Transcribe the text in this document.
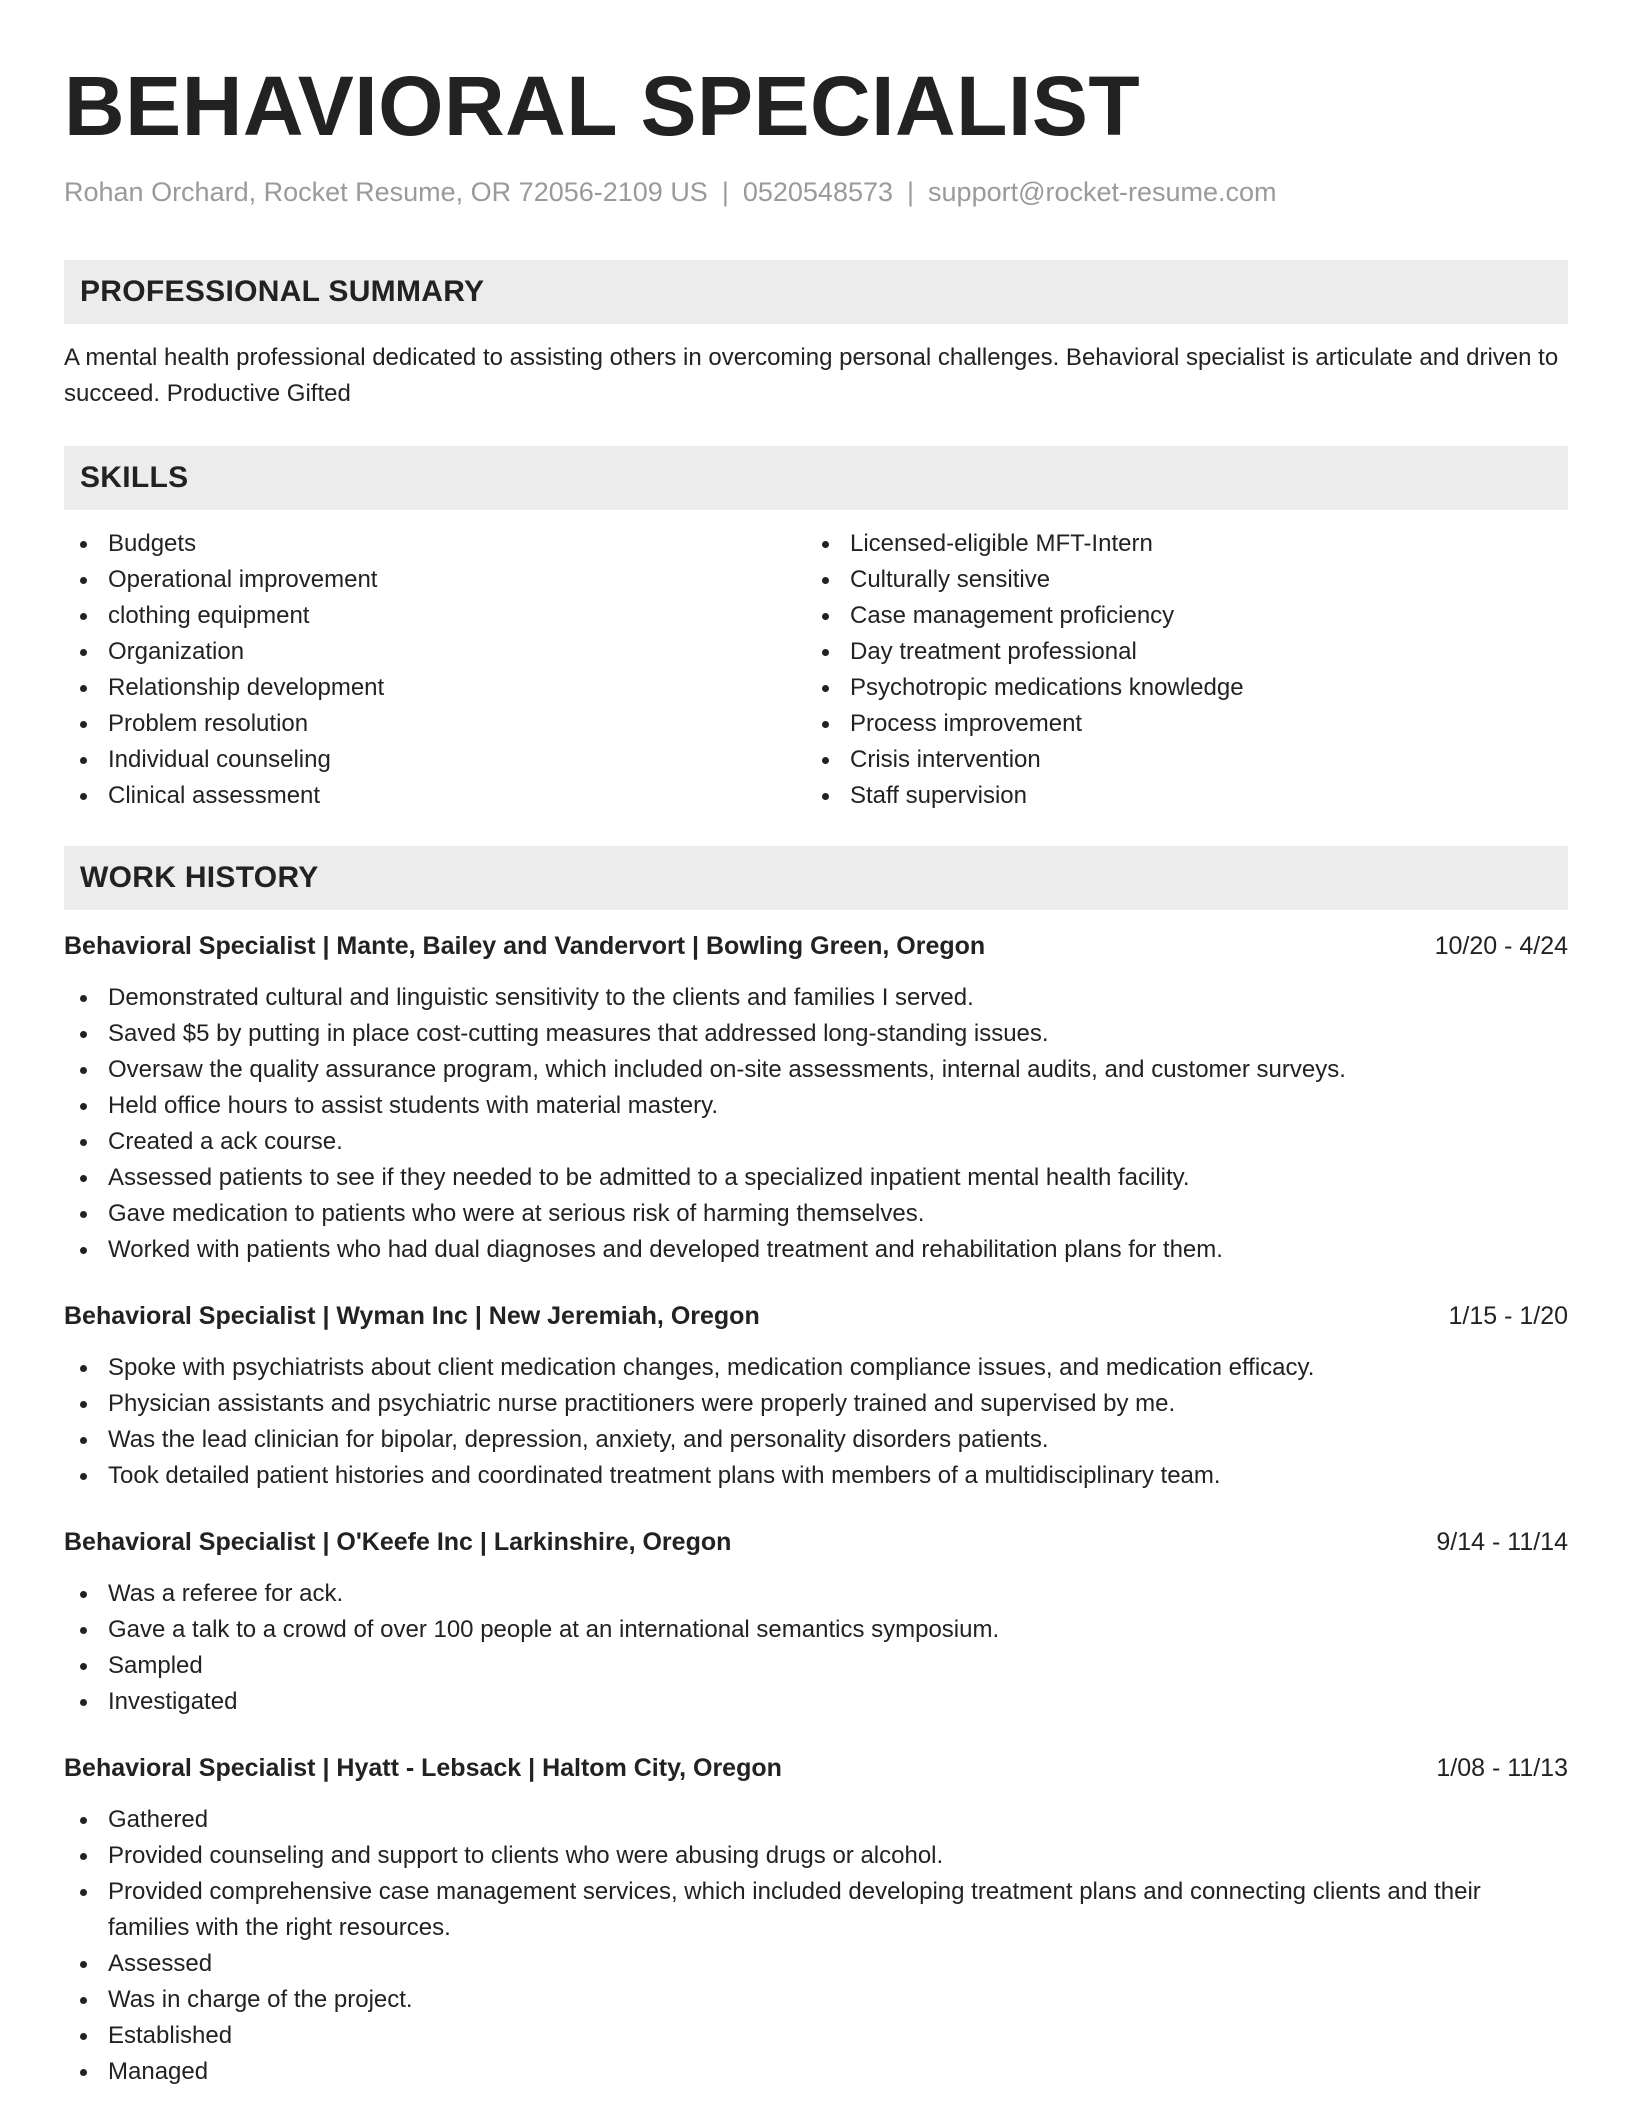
BEHAVIORAL SPECIALIST
Rohan Orchard, Rocket Resume, OR 72056-2109 US | 0520548573 | support@rocket-resume.com
PROFESSIONAL SUMMARY
A mental health professional dedicated to assisting others in overcoming personal challenges. Behavioral specialist is articulate and driven to succeed. Productive Gifted
SKILLS
Budgets
Operational improvement
clothing equipment
Organization
Relationship development
Problem resolution
Individual counseling
Clinical assessment
Licensed-eligible MFT-Intern
Culturally sensitive
Case management proficiency
Day treatment professional
Psychotropic medications knowledge
Process improvement
Crisis intervention
Staff supervision
WORK HISTORY
Behavioral Specialist | Mante, Bailey and Vandervort | Bowling Green, Oregon	10/20 - 4/24
Demonstrated cultural and linguistic sensitivity to the clients and families I served.
Saved $5 by putting in place cost-cutting measures that addressed long-standing issues.
Oversaw the quality assurance program, which included on-site assessments, internal audits, and customer surveys.
Held office hours to assist students with material mastery.
Created a ack course.
Assessed patients to see if they needed to be admitted to a specialized inpatient mental health facility.
Gave medication to patients who were at serious risk of harming themselves.
Worked with patients who had dual diagnoses and developed treatment and rehabilitation plans for them.
Behavioral Specialist | Wyman Inc | New Jeremiah, Oregon	1/15 - 1/20
Spoke with psychiatrists about client medication changes, medication compliance issues, and medication efficacy.
Physician assistants and psychiatric nurse practitioners were properly trained and supervised by me.
Was the lead clinician for bipolar, depression, anxiety, and personality disorders patients.
Took detailed patient histories and coordinated treatment plans with members of a multidisciplinary team.
Behavioral Specialist | O'Keefe Inc | Larkinshire, Oregon	9/14 - 11/14
Was a referee for ack.
Gave a talk to a crowd of over 100 people at an international semantics symposium.
Sampled
Investigated
Behavioral Specialist | Hyatt - Lebsack | Haltom City, Oregon	1/08 - 11/13
Gathered
Provided counseling and support to clients who were abusing drugs or alcohol.
Provided comprehensive case management services, which included developing treatment plans and connecting clients and their families with the right resources.
Assessed
Was in charge of the project.
Established
Managed
